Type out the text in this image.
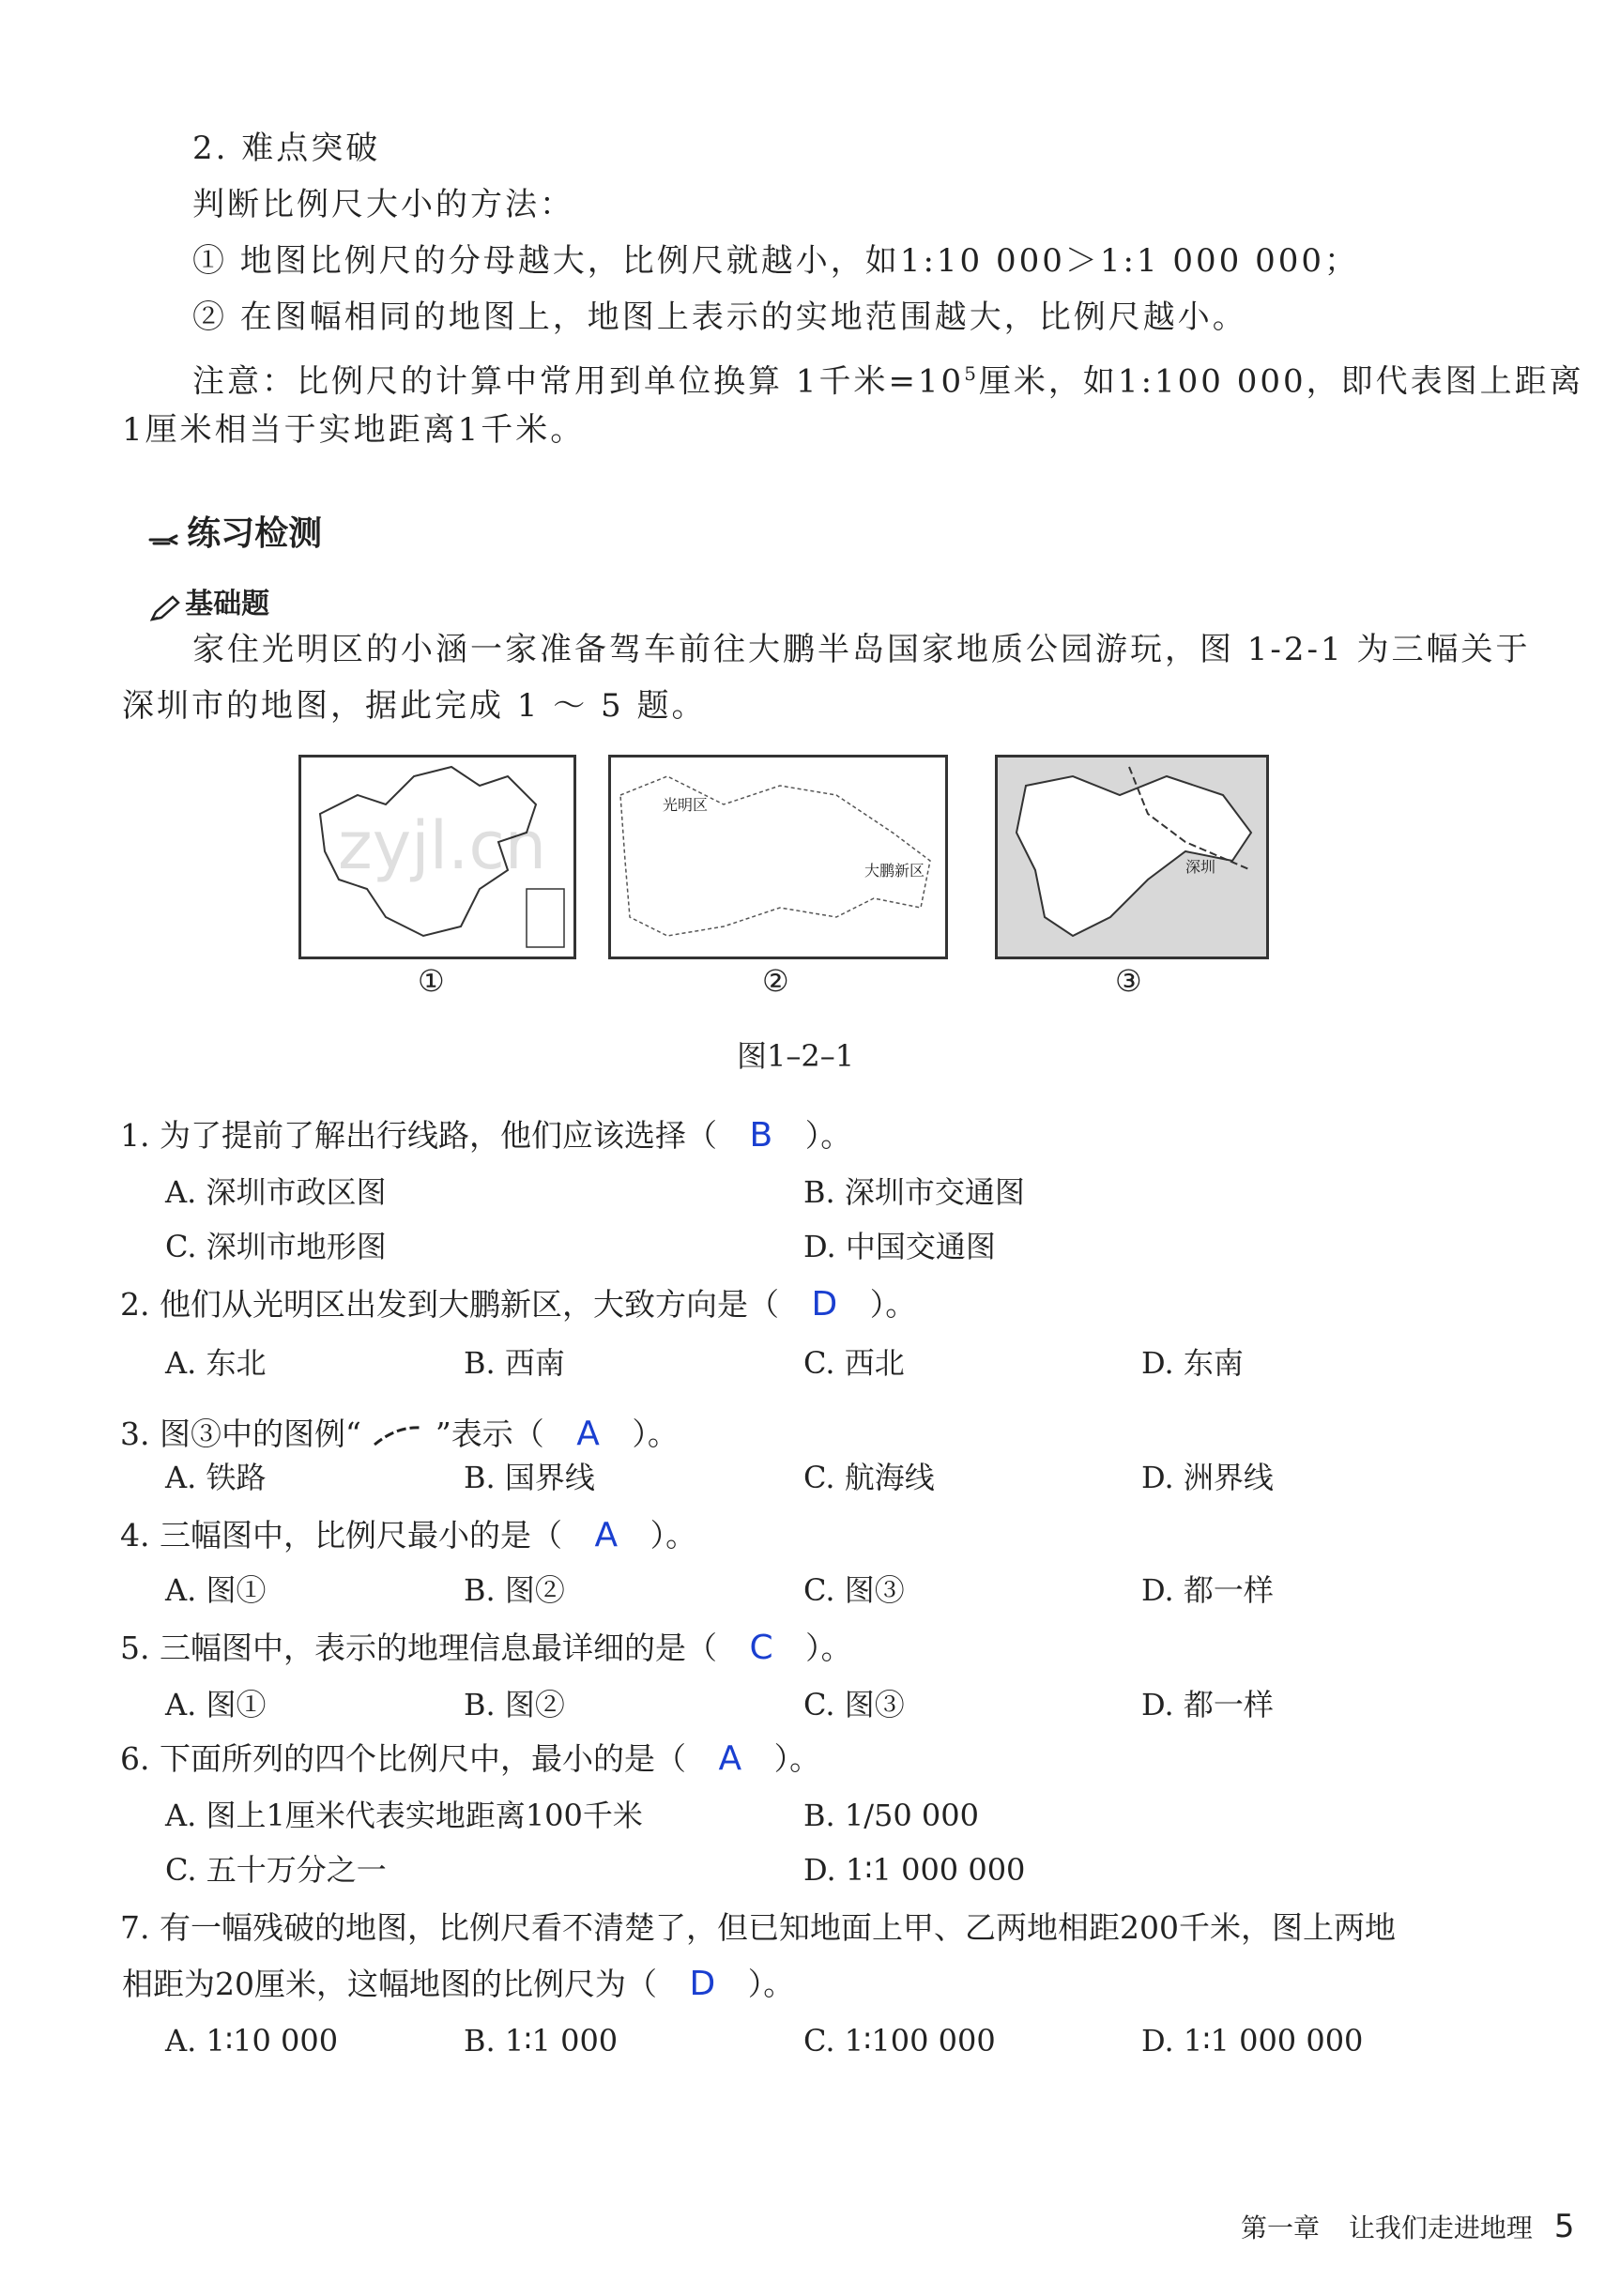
2. 难点突破
判断比例尺大小的方法：
① 地图比例尺的分母越大，比例尺就越小，如1:10 000＞1:1 000 000；
② 在图幅相同的地图上，地图上表示的实地范围越大，比例尺越小。
注意：比例尺的计算中常用到单位换算 1千米$=10^5$厘米，如1:100 000，即代表图上距离
1厘米相当于实地距离1千米。
练习检测
基础题
家住光明区的小涵一家准备驾车前往大鹏半岛国家地质公园游玩，图 1-2-1 为三幅关于
深圳市的地图，据此完成 1 ～ 5 题。
光明区
大鹏新区	深圳
zyjl.cn
①	②	③
图1–2–1
1. 为了提前了解出行线路，他们应该选择（ B ）。
A. 深圳市政区图	B. 深圳市交通图
C. 深圳市地形图	D. 中国交通图
2. 他们从光明区出发到大鹏新区，大致方向是（ D ）。
A. 东北	B. 西南	C. 西北	D. 东南
3. 图③中的图例“ ”表示（ A ）。
A. 铁路	B. 国界线	C. 航海线	D. 洲界线
4. 三幅图中，比例尺最小的是（ A ）。
A. 图①	B. 图②	C. 图③	D. 都一样
5. 三幅图中，表示的地理信息最详细的是（ C ）。
A. 图①	B. 图②	C. 图③	D. 都一样
6. 下面所列的四个比例尺中，最小的是（ A ）。
A. 图上1厘米代表实地距离100千米	B. 1/50 000
C. 五十万分之一	D. 1∶1 000 000
7. 有一幅残破的地图，比例尺看不清楚了，但已知地面上甲、乙两地相距200千米，图上两地
相距为20厘米，这幅地图的比例尺为（ D ）。
A. 1∶10 000	B. 1∶1 000	C. 1∶100 000	D. 1∶1 000 000
第一章 让我们走进地理 5
